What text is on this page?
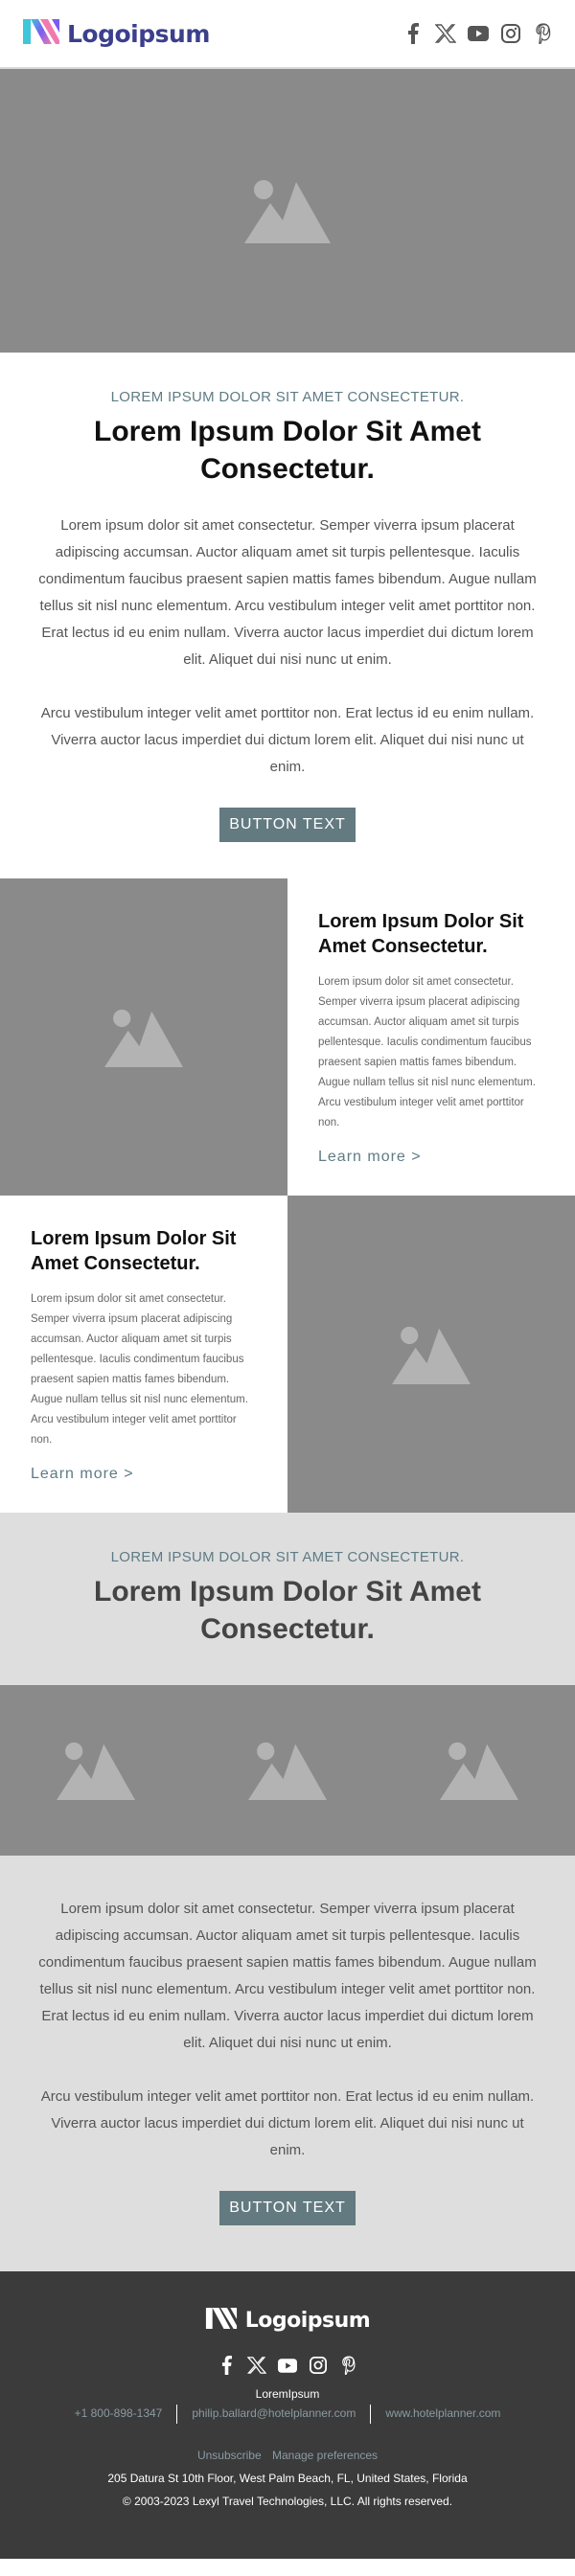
Logoipsum
LOREM IPSUM DOLOR SIT AMET CONSECTETUR.
Lorem Ipsum Dolor Sit Amet Consectetur.

Lorem ipsum dolor sit amet consectetur. Semper viverra ipsum placerat adipiscing accumsan. Auctor aliquam amet sit turpis pellentesque. Iaculis condimentum faucibus praesent sapien mattis fames bibendum. Augue nullam tellus sit nisl nunc elementum. Arcu vestibulum integer velit amet porttitor non. Erat lectus id eu enim nullam. Viverra auctor lacus imperdiet dui dictum lorem elit. Aliquet dui nisi nunc ut enim.

Arcu vestibulum integer velit amet porttitor non. Erat lectus id eu enim nullam. Viverra auctor lacus imperdiet dui dictum lorem elit. Aliquet dui nisi nunc ut enim.

BUTTON TEXT
Lorem Ipsum Dolor Sit Amet Consectetur.

Lorem ipsum dolor sit amet consectetur. Semper viverra ipsum placerat adipiscing accumsan. Auctor aliquam amet sit turpis pellentesque. Iaculis condimentum faucibus praesent sapien mattis fames bibendum. Augue nullam tellus sit nisl nunc elementum. Arcu vestibulum integer velit amet porttitor non.

Learn more >
Lorem Ipsum Dolor Sit Amet Consectetur.

Lorem ipsum dolor sit amet consectetur. Semper viverra ipsum placerat adipiscing accumsan. Auctor aliquam amet sit turpis pellentesque. Iaculis condimentum faucibus praesent sapien mattis fames bibendum. Augue nullam tellus sit nisl nunc elementum. Arcu vestibulum integer velit amet porttitor non.

Learn more >
LOREM IPSUM DOLOR SIT AMET CONSECTETUR.
Lorem Ipsum Dolor Sit Amet Consectetur.

Lorem ipsum dolor sit amet consectetur. Semper viverra ipsum placerat adipiscing accumsan. Auctor aliquam amet sit turpis pellentesque. Iaculis condimentum faucibus praesent sapien mattis fames bibendum. Augue nullam tellus sit nisl nunc elementum. Arcu vestibulum integer velit amet porttitor non. Erat lectus id eu enim nullam. Viverra auctor lacus imperdiet dui dictum lorem elit. Aliquet dui nisi nunc ut enim.

Arcu vestibulum integer velit amet porttitor non. Erat lectus id eu enim nullam. Viverra auctor lacus imperdiet dui dictum lorem elit. Aliquet dui nisi nunc ut enim.

BUTTON TEXT
Logoipsum
LoremIpsum
+1 800-898-1347	philip.ballard@hotelplanner.com	www.hotelplanner.com
Unsubscribe Manage preferences
205 Datura St 10th Floor, West Palm Beach, FL, United States, Florida
© 2003-2023 Lexyl Travel Technologies, LLC. All rights reserved.
